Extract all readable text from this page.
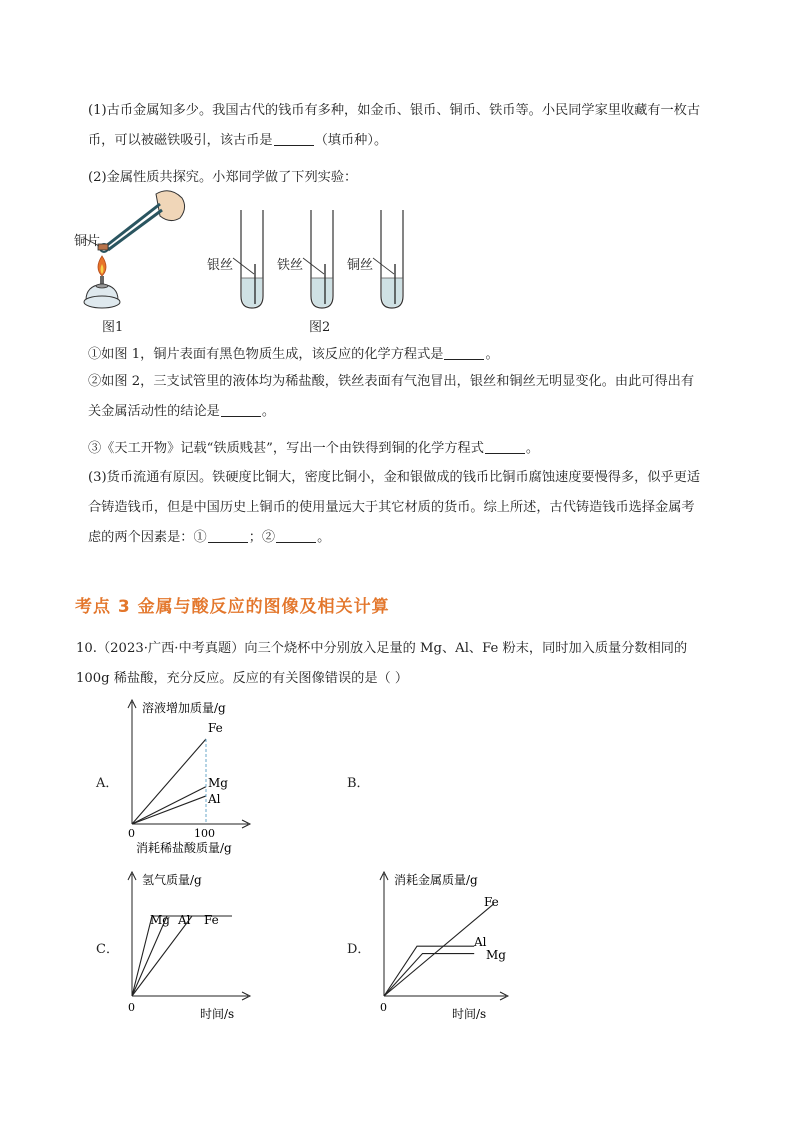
(1)古币金属知多少。我国古代的钱币有多种，如金币、银币、铜币、铁币等。小民同学家里收藏有一枚古
币，可以被磁铁吸引，该古币是	（填币种）。
(2)金属性质共探究。小郑同学做了下列实验：
铜片
图1
银丝	铁丝	铜丝
图2
①如图 1，铜片表面有黑色物质生成，该反应的化学方程式是	。
②如图 2，三支试管里的液体均为稀盐酸，铁丝表面有气泡冒出，银丝和铜丝无明显变化。由此可得出有
关金属活动性的结论是	。
③《天工开物》记载“铁质贱甚”，写出一个由铁得到铜的化学方程式	。
(3)货币流通有原因。铁硬度比铜大，密度比铜小，金和银做成的钱币比铜币腐蚀速度要慢得多，似乎更适
合铸造钱币，但是中国历史上铜币的使用量远大于其它材质的货币。综上所述，古代铸造钱币选择金属考
虑的两个因素是：①	；②	。
考点 3 金属与酸反应的图像及相关计算
10.（2023·广西·中考真题）向三个烧杯中分别放入足量的 Mg、Al、Fe 粉末，同时加入质量分数相同的
100g 稀盐酸，充分反应。反应的有关图像错误的是（ ）
A．	B．
C．	D．
溶液增加质量/g
消耗稀盐酸质量/g
0	100
Fe
Mg
Al
氢气质量/g
时间/s
0
Mg Al Fe
消耗金属质量/g
时间/s
0
Fe
Al
Mg
